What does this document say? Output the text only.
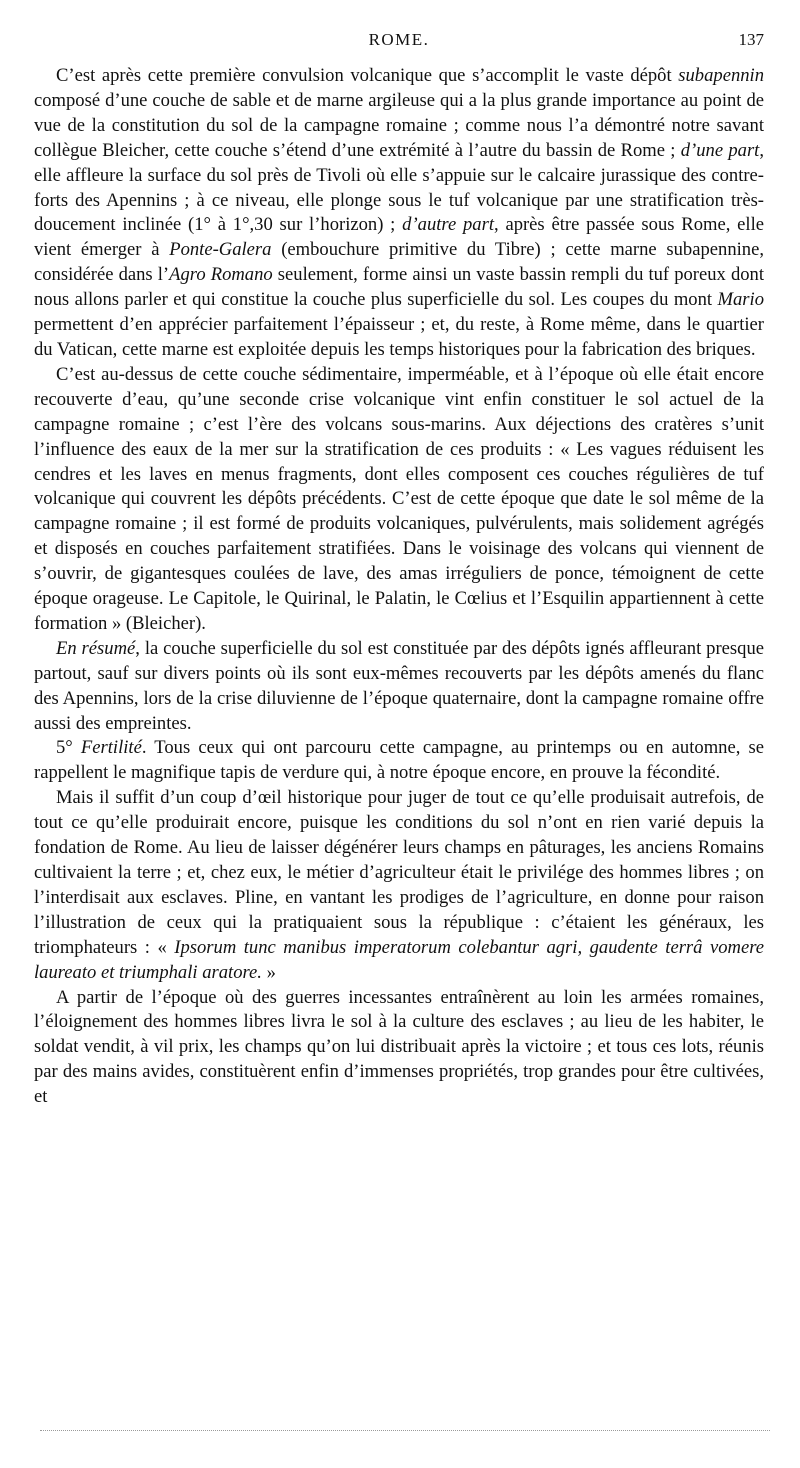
ROME.	137

C’est après cette première convulsion volcanique que s’accomplit le vaste dépôt subapennin composé d’une couche de sable et de marne argileuse qui a la plus grande importance au point de vue de la constitution du sol de la campagne romaine ; comme nous l’a démontré notre savant collègue Bleicher, cette couche s’étend d’une extrémité à l’autre du bassin de Rome ; d’une part, elle affleure la surface du sol près de Tivoli où elle s’appuie sur le calcaire jurassique des contre-forts des Apennins ; à ce niveau, elle plonge sous le tuf volcanique par une stratification très-doucement inclinée (1° à 1°,30 sur l’horizon) ; d’autre part, après être passée sous Rome, elle vient émerger à Ponte-Galera (embouchure primitive du Tibre) ; cette marne subapennine, considérée dans l’Agro Romano seulement, forme ainsi un vaste bassin rempli du tuf poreux dont nous allons parler et qui constitue la couche plus superficielle du sol. Les coupes du mont Mario permettent d’en apprécier parfaitement l’épaisseur ; et, du reste, à Rome même, dans le quartier du Vatican, cette marne est exploitée depuis les temps historiques pour la fabrication des briques.

C’est au-dessus de cette couche sédimentaire, imperméable, et à l’époque où elle était encore recouverte d’eau, qu’une seconde crise volcanique vint enfin constituer le sol actuel de la campagne romaine ; c’est l’ère des volcans sous-marins. Aux déjections des cratères s’unit l’influence des eaux de la mer sur la stratification de ces produits : « Les vagues réduisent les cendres et les laves en menus fragments, dont elles composent ces couches régulières de tuf volcanique qui couvrent les dépôts précédents. C’est de cette époque que date le sol même de la campagne romaine ; il est formé de produits volcaniques, pulvérulents, mais solidement agrégés et disposés en couches parfaitement stratifiées. Dans le voisinage des volcans qui viennent de s’ouvrir, de gigantesques coulées de lave, des amas irréguliers de ponce, témoignent de cette époque orageuse. Le Capitole, le Quirinal, le Palatin, le Cœlius et l’Esquilin appartiennent à cette formation » (Bleicher).

En résumé, la couche superficielle du sol est constituée par des dépôts ignés affleurant presque partout, sauf sur divers points où ils sont eux-mêmes recouverts par les dépôts amenés du flanc des Apennins, lors de la crise diluvienne de l’époque quaternaire, dont la campagne romaine offre aussi des empreintes.

5° Fertilité. Tous ceux qui ont parcouru cette campagne, au printemps ou en automne, se rappellent le magnifique tapis de verdure qui, à notre époque encore, en prouve la fécondité.

Mais il suffit d’un coup d’œil historique pour juger de tout ce qu’elle produisait autrefois, de tout ce qu’elle produirait encore, puisque les conditions du sol n’ont en rien varié depuis la fondation de Rome. Au lieu de laisser dégénérer leurs champs en pâturages, les anciens Romains cultivaient la terre ; et, chez eux, le métier d’agriculteur était le privilége des hommes libres ; on l’interdisait aux esclaves. Pline, en vantant les prodiges de l’agriculture, en donne pour raison l’illustration de ceux qui la pratiquaient sous la république : c’étaient les généraux, les triomphateurs : « Ipsorum tunc manibus imperatorum colebantur agri, gaudente terrâ vomere laureato et triumphali aratore. »

A partir de l’époque où des guerres incessantes entraînèrent au loin les armées romaines, l’éloignement des hommes libres livra le sol à la culture des esclaves ; au lieu de les habiter, le soldat vendit, à vil prix, les champs qu’on lui distribuait après la victoire ; et tous ces lots, réunis par des mains avides, constituèrent enfin d’immenses propriétés, trop grandes pour être cultivées, et
